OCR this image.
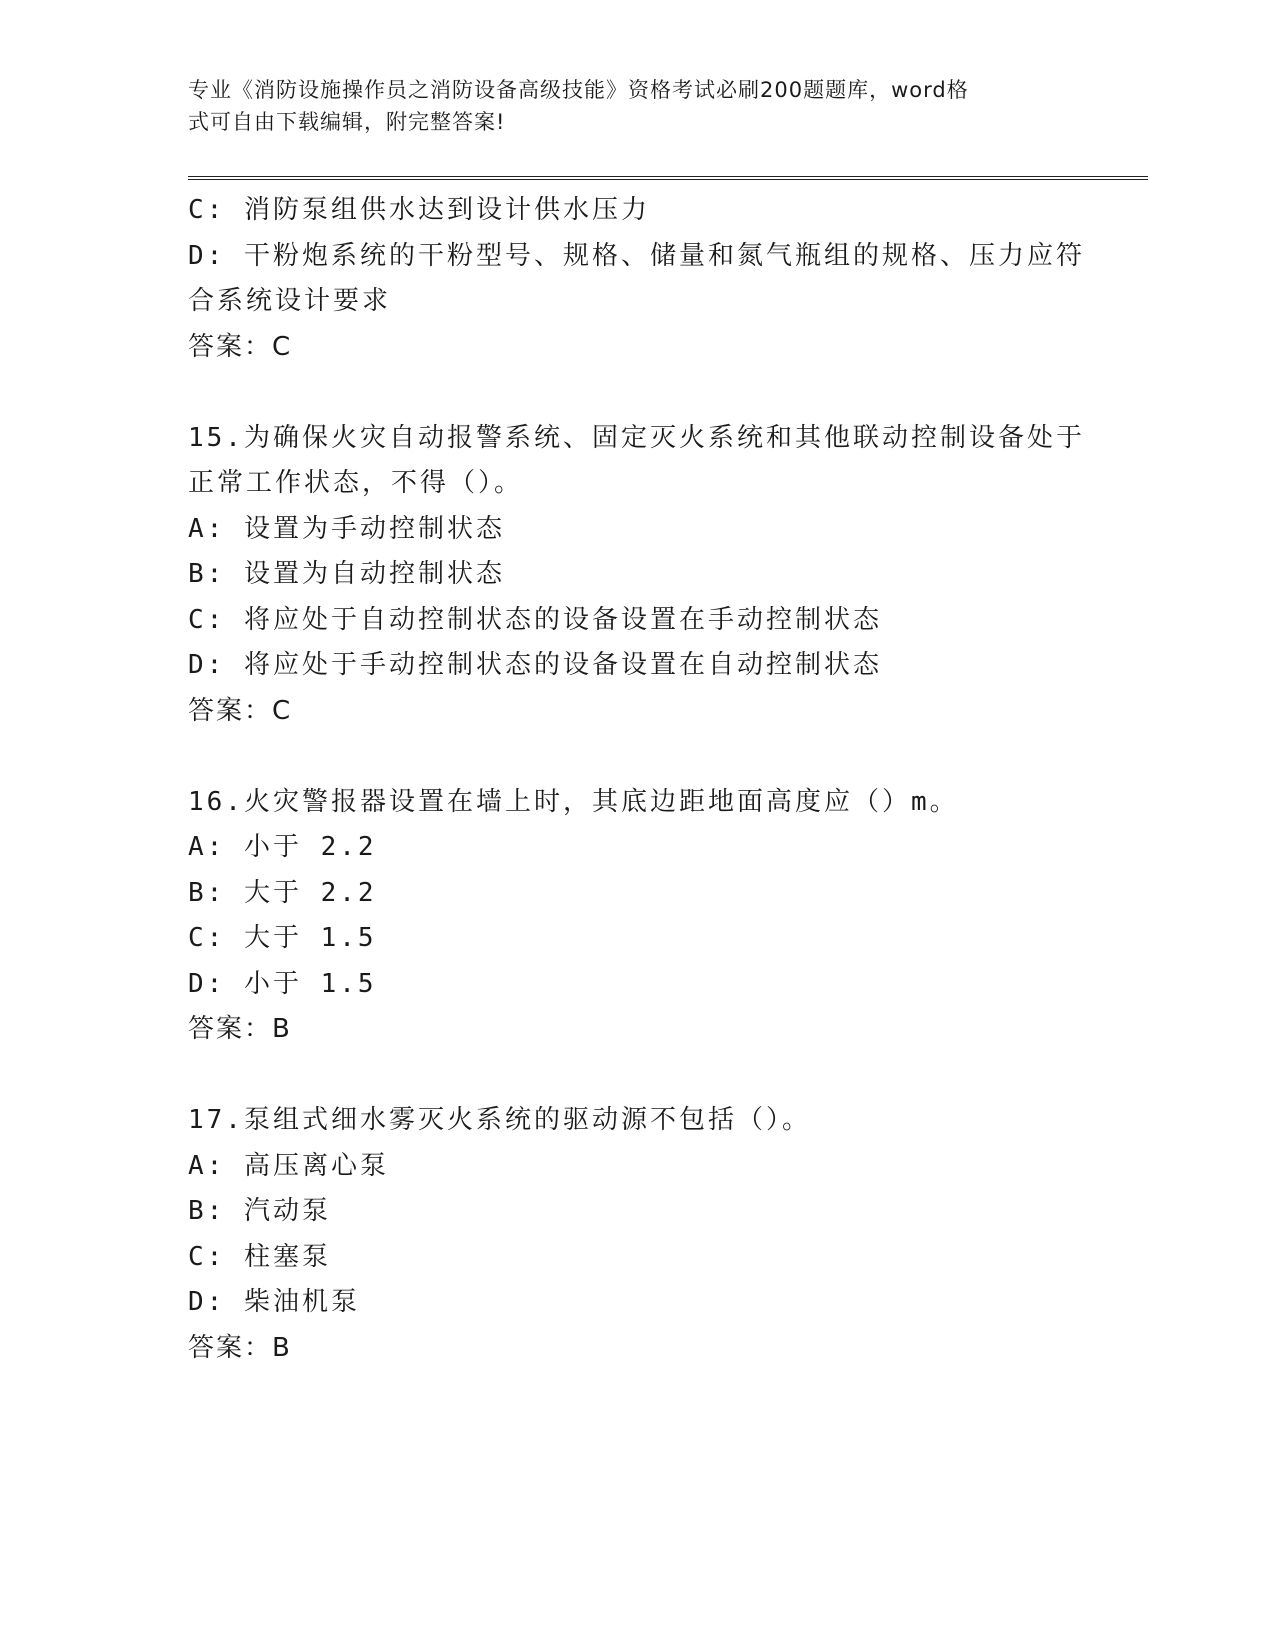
专业《消防设施操作员之消防设备高级技能》资格考试必刷200题题库，word格
式可自由下载编辑，附完整答案!
C: 消防泵组供水达到设计供水压力
D: 干粉炮系统的干粉型号、规格、储量和氮气瓶组的规格、压力应符
合系统设计要求
答案：C
15.为确保火灾自动报警系统、固定灭火系统和其他联动控制设备处于
正常工作状态，不得（）。
A: 设置为手动控制状态
B: 设置为自动控制状态
C: 将应处于自动控制状态的设备设置在手动控制状态
D: 将应处于手动控制状态的设备设置在自动控制状态
答案：C
16.火灾警报器设置在墙上时，其底边距地面高度应（）m。
A: 小于 2.2
B: 大于 2.2
C: 大于 1.5
D: 小于 1.5
答案：B
17.泵组式细水雾灭火系统的驱动源不包括（）。
A: 高压离心泵
B: 汽动泵
C: 柱塞泵
D: 柴油机泵
答案：B
